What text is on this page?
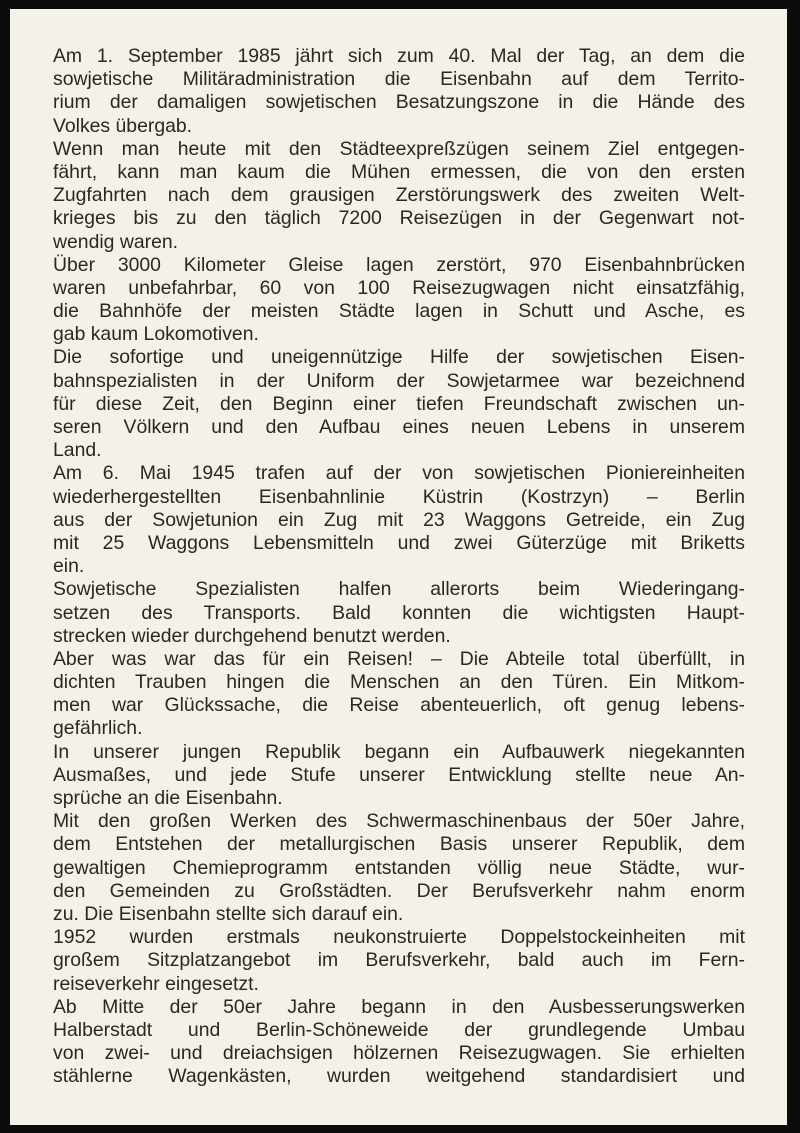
Am 1. September 1985 jährt sich zum 40. Mal der Tag, an dem die
sowjetische Militäradministration die Eisenbahn auf dem Territo-
rium der damaligen sowjetischen Besatzungszone in die Hände des
Volkes übergab.
Wenn man heute mit den Städteexpreßzügen seinem Ziel entgegen-
fährt, kann man kaum die Mühen ermessen, die von den ersten
Zugfahrten nach dem grausigen Zerstörungswerk des zweiten Welt-
krieges bis zu den täglich 7200 Reisezügen in der Gegenwart not-
wendig waren.
Über 3000 Kilometer Gleise lagen zerstört, 970 Eisenbahnbrücken
waren unbefahrbar, 60 von 100 Reisezugwagen nicht einsatzfähig,
die Bahnhöfe der meisten Städte lagen in Schutt und Asche, es
gab kaum Lokomotiven.
Die sofortige und uneigennützige Hilfe der sowjetischen Eisen-
bahnspezialisten in der Uniform der Sowjetarmee war bezeichnend
für diese Zeit, den Beginn einer tiefen Freundschaft zwischen un-
seren Völkern und den Aufbau eines neuen Lebens in unserem
Land.
Am 6. Mai 1945 trafen auf der von sowjetischen Pioniereinheiten
wiederhergestellten Eisenbahnlinie Küstrin (Kostrzyn) – Berlin
aus der Sowjetunion ein Zug mit 23 Waggons Getreide, ein Zug
mit 25 Waggons Lebensmitteln und zwei Güterzüge mit Briketts
ein.
Sowjetische Spezialisten halfen allerorts beim Wiederingang-
setzen des Transports. Bald konnten die wichtigsten Haupt-
strecken wieder durchgehend benutzt werden.
Aber was war das für ein Reisen! – Die Abteile total überfüllt, in
dichten Trauben hingen die Menschen an den Türen. Ein Mitkom-
men war Glückssache, die Reise abenteuerlich, oft genug lebens-
gefährlich.
In unserer jungen Republik begann ein Aufbauwerk niegekannten
Ausmaßes, und jede Stufe unserer Entwicklung stellte neue An-
sprüche an die Eisenbahn.
Mit den großen Werken des Schwermaschinenbaus der 50er Jahre,
dem Entstehen der metallurgischen Basis unserer Republik, dem
gewaltigen Chemieprogramm entstanden völlig neue Städte, wur-
den Gemeinden zu Großstädten. Der Berufsverkehr nahm enorm
zu. Die Eisenbahn stellte sich darauf ein.
1952 wurden erstmals neukonstruierte Doppelstockeinheiten mit
großem Sitzplatzangebot im Berufsverkehr, bald auch im Fern-
reiseverkehr eingesetzt.
Ab Mitte der 50er Jahre begann in den Ausbesserungswerken
Halberstadt und Berlin-Schöneweide der grundlegende Umbau
von zwei- und dreiachsigen hölzernen Reisezugwagen. Sie erhielten
stählerne Wagenkästen, wurden weitgehend standardisiert und
